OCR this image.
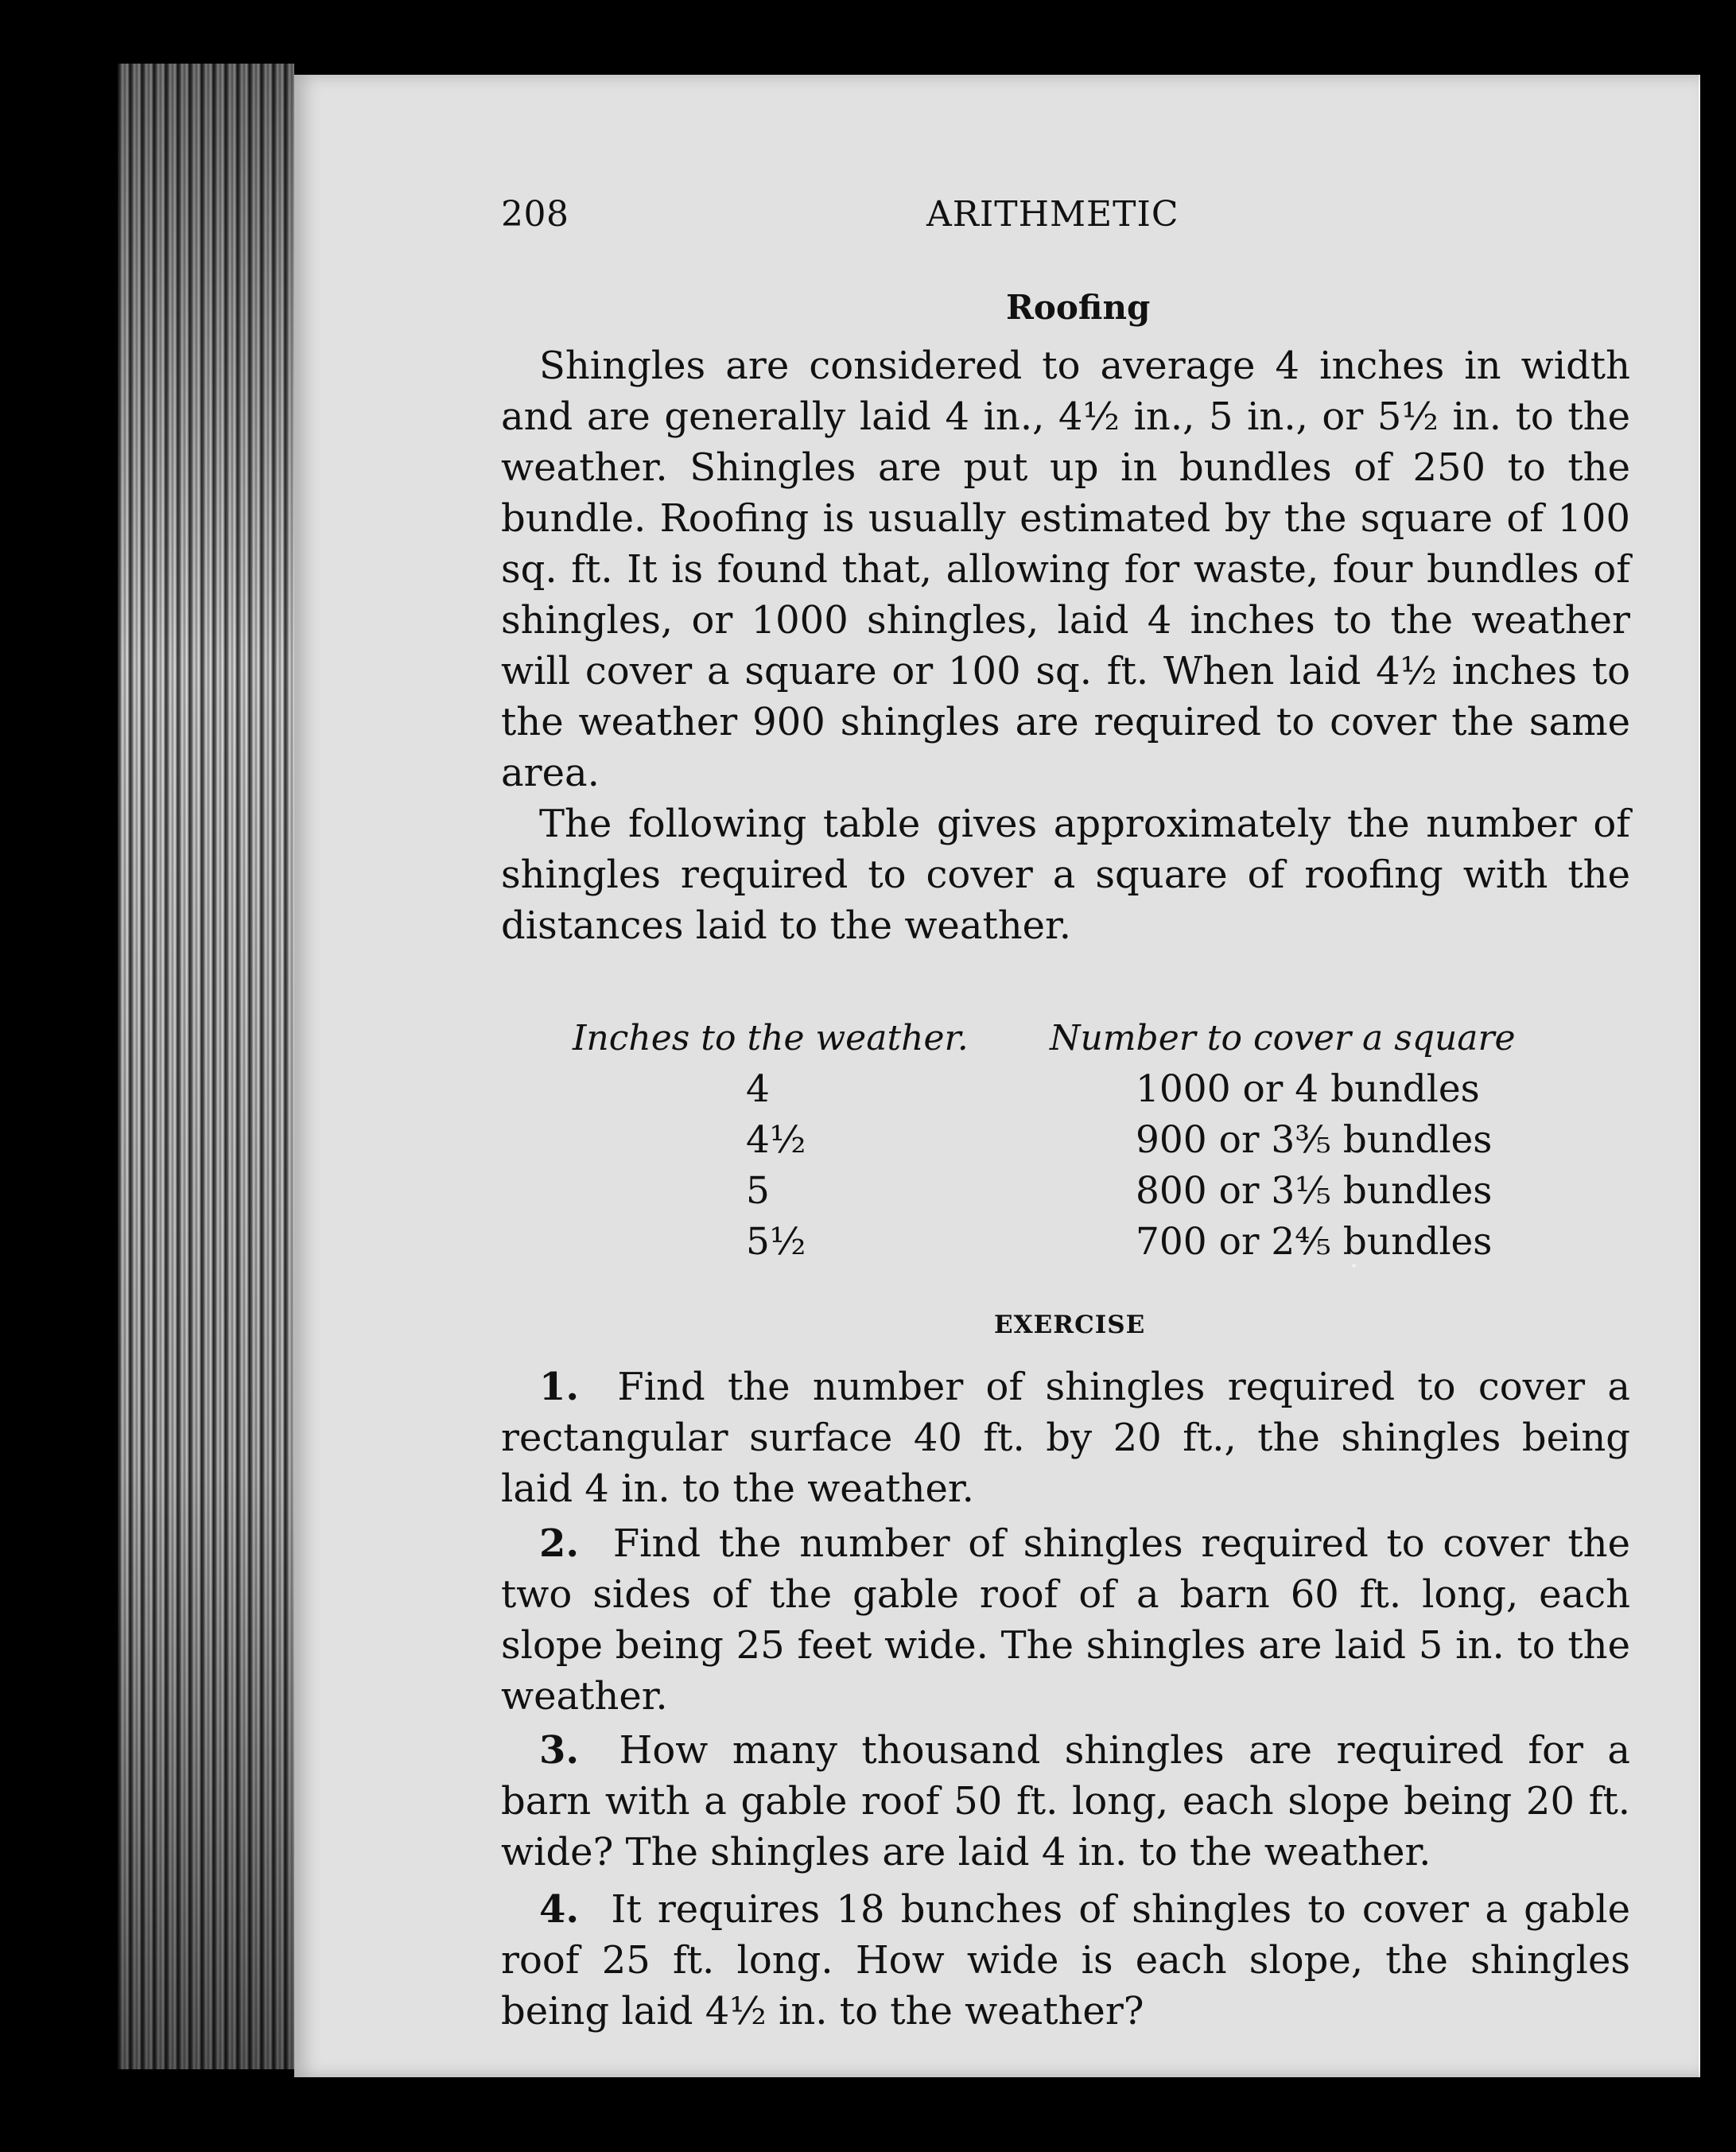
208	ARITHMETIC
Roofing

Shingles are considered to average 4 inches in width and are generally laid 4 in., 4½ in., 5 in., or 5½ in. to the weather. Shingles are put up in bundles of 250 to the bundle. Roofing is usually estimated by the square of 100 sq. ft. It is found that, allowing for waste, four bundles of shingles, or 1000 shingles, laid 4 inches to the weather will cover a square or 100 sq. ft. When laid 4½ inches to the weather 900 shingles are required to cover the same area.

The following table gives approximately the number of shingles required to cover a square of roofing with the distances laid to the weather.

Inches to the weather. Number to cover a square
4	1000 or 4 bundles
4½	900 or 3⅗ bundles
5	800 or 3⅕ bundles
5½	700 or 2⅘ bundles
EXERCISE

1. Find the number of shingles required to cover a rectangular surface 40 ft. by 20 ft., the shingles being laid 4 in. to the weather.

2. Find the number of shingles required to cover the two sides of the gable roof of a barn 60 ft. long, each slope being 25 feet wide. The shingles are laid 5 in. to the weather.

3. How many thousand shingles are required for a barn with a gable roof 50 ft. long, each slope being 20 ft. wide? The shingles are laid 4 in. to the weather.

4. It requires 18 bunches of shingles to cover a gable roof 25 ft. long. How wide is each slope, the shingles being laid 4½ in. to the weather?
